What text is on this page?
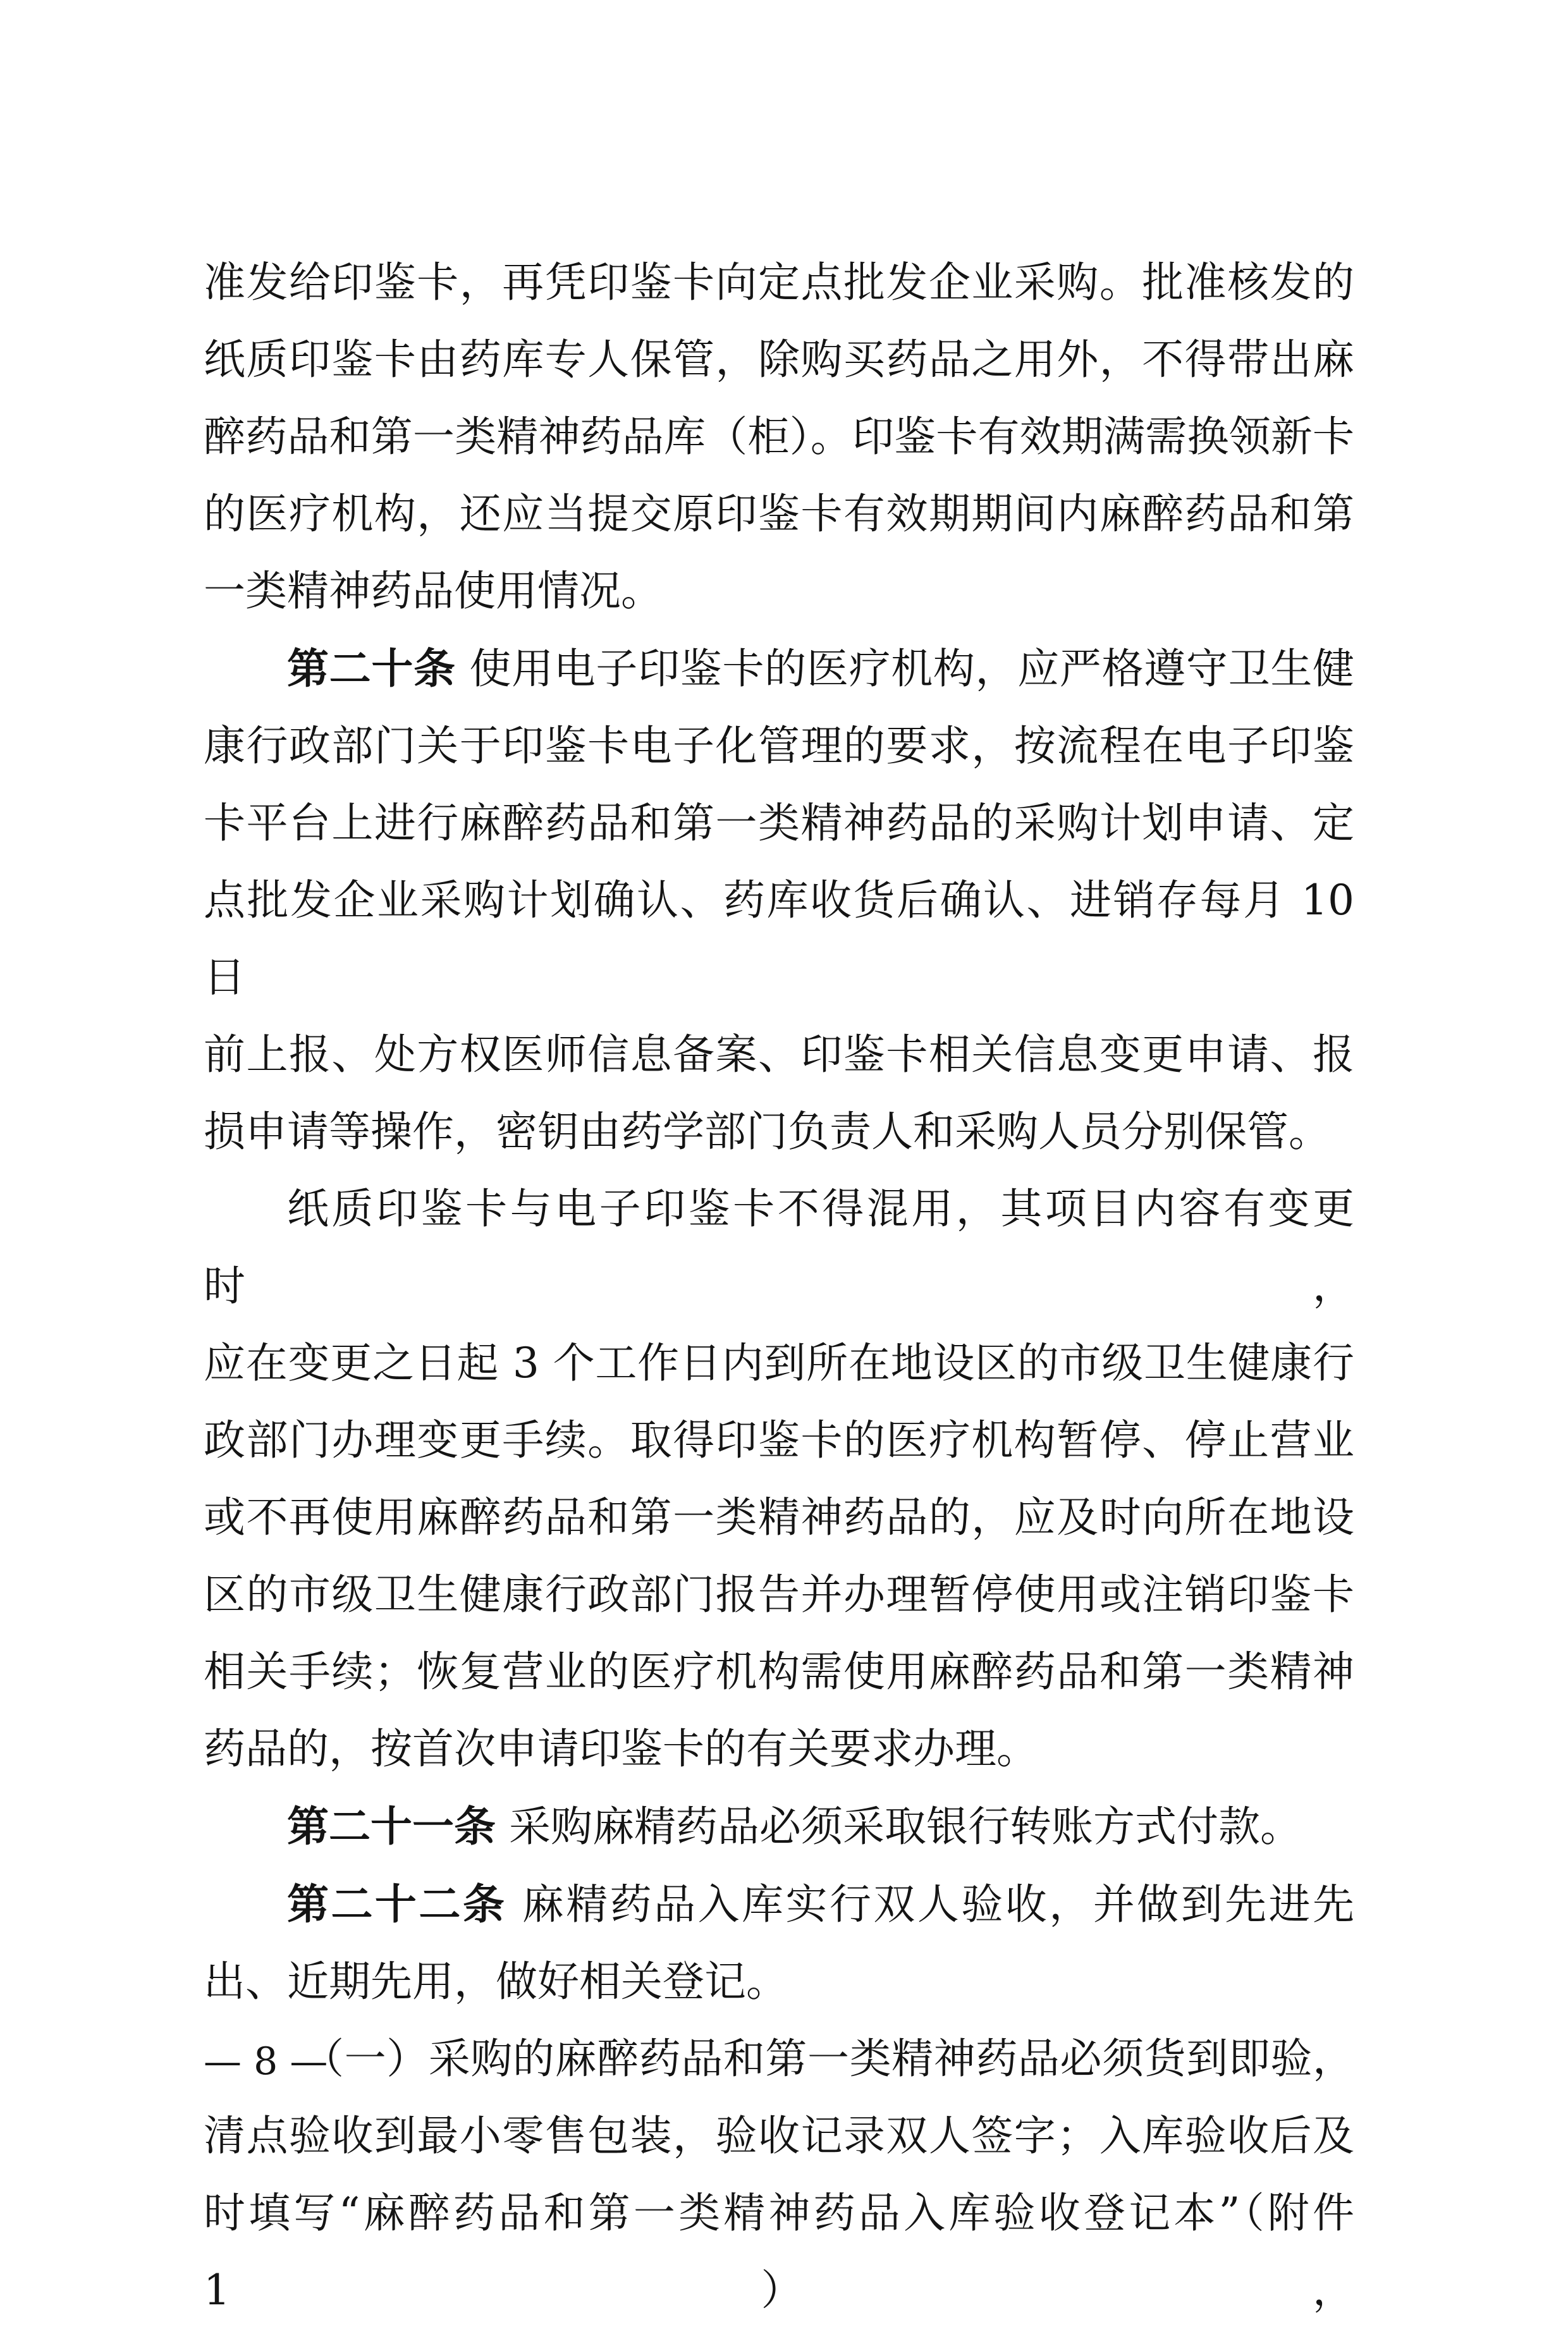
准发给印鉴卡，再凭印鉴卡向定点批发企业采购。批准核发的

纸质印鉴卡由药库专人保管，除购买药品之用外，不得带出麻

醉药品和第一类精神药品库（柜）。印鉴卡有效期满需换领新卡

的医疗机构，还应当提交原印鉴卡有效期期间内麻醉药品和第

一类精神药品使用情况。

第二十条 使用电子印鉴卡的医疗机构，应严格遵守卫生健

康行政部门关于印鉴卡电子化管理的要求，按流程在电子印鉴

卡平台上进行麻醉药品和第一类精神药品的采购计划申请、定

点批发企业采购计划确认、药库收货后确认、进销存每月 10 日

前上报、处方权医师信息备案、印鉴卡相关信息变更申请、报

损申请等操作，密钥由药学部门负责人和采购人员分别保管。

纸质印鉴卡与电子印鉴卡不得混用，其项目内容有变更时，

应在变更之日起 3 个工作日内到所在地设区的市级卫生健康行

政部门办理变更手续。取得印鉴卡的医疗机构暂停、停止营业

或不再使用麻醉药品和第一类精神药品的，应及时向所在地设

区的市级卫生健康行政部门报告并办理暂停使用或注销印鉴卡

相关手续；恢复营业的医疗机构需使用麻醉药品和第一类精神

药品的，按首次申请印鉴卡的有关要求办理。

第二十一条 采购麻精药品必须采取银行转账方式付款。

第二十二条 麻精药品入库实行双人验收，并做到先进先

出、近期先用，做好相关登记。

（一）采购的麻醉药品和第一类精神药品必须货到即验，

清点验收到最小零售包装，验收记录双人签字；入库验收后及

时填写“麻醉药品和第一类精神药品入库验收登记本”（附件 1），

— 8 —
